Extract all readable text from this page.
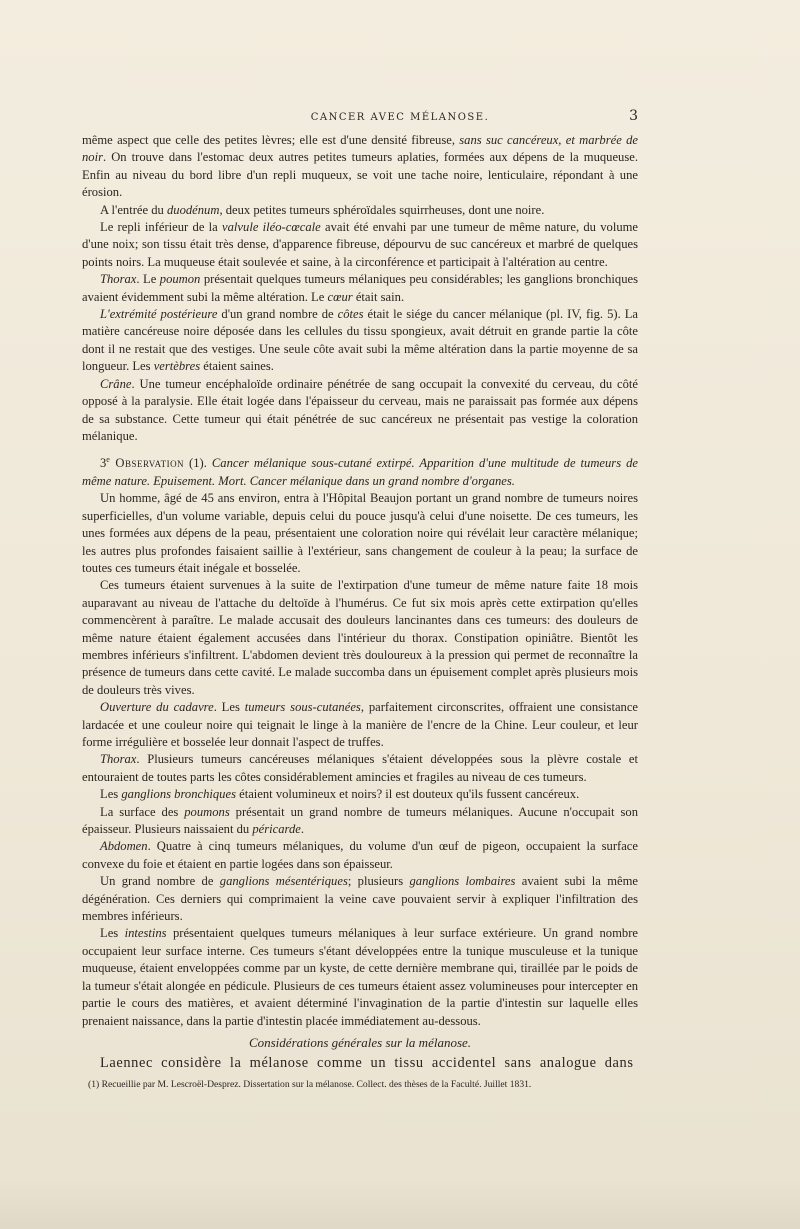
CANCER AVEC MÉLANOSE.	3

même aspect que celle des petites lèvres; elle est d'une densité fibreuse, sans suc cancéreux, et marbrée de noir. On trouve dans l'estomac deux autres petites tumeurs aplaties, formées aux dépens de la muqueuse. Enfin au niveau du bord libre d'un repli muqueux, se voit une tache noire, lenticulaire, répondant à une érosion.

A l'entrée du duodénum, deux petites tumeurs sphéroïdales squirrheuses, dont une noire.

Le repli inférieur de la valvule iléo-cœcale avait été envahi par une tumeur de même nature, du volume d'une noix; son tissu était très dense, d'apparence fibreuse, dépourvu de suc cancéreux et marbré de quelques points noirs. La muqueuse était soulevée et saine, à la circonférence et participait à l'altération au centre.

Thorax. Le poumon présentait quelques tumeurs mélaniques peu considérables; les ganglions bronchiques avaient évidemment subi la même altération. Le cœur était sain.

L'extrémité postérieure d'un grand nombre de côtes était le siége du cancer mélanique (pl. IV, fig. 5). La matière cancéreuse noire déposée dans les cellules du tissu spongieux, avait détruit en grande partie la côte dont il ne restait que des vestiges. Une seule côte avait subi la même altération dans la partie moyenne de sa longueur. Les vertèbres étaient saines.

Crâne. Une tumeur encéphaloïde ordinaire pénétrée de sang occupait la convexité du cerveau, du côté opposé à la paralysie. Elle était logée dans l'épaisseur du cerveau, mais ne paraissait pas formée aux dépens de sa substance. Cette tumeur qui était pénétrée de suc cancéreux ne présentait pas vestige la coloration mélanique.

3e Observation (1). Cancer mélanique sous-cutané extirpé. Apparition d'une multitude de tumeurs de même nature. Epuisement. Mort. Cancer mélanique dans un grand nombre d'organes.

Un homme, âgé de 45 ans environ, entra à l'Hôpital Beaujon portant un grand nombre de tumeurs noires superficielles, d'un volume variable, depuis celui du pouce jusqu'à celui d'une noisette. De ces tumeurs, les unes formées aux dépens de la peau, présentaient une coloration noire qui révélait leur caractère mélanique; les autres plus profondes faisaient saillie à l'extérieur, sans changement de couleur à la peau; la surface de toutes ces tumeurs était inégale et bosselée.

Ces tumeurs étaient survenues à la suite de l'extirpation d'une tumeur de même nature faite 18 mois auparavant au niveau de l'attache du deltoïde à l'humérus. Ce fut six mois après cette extirpation qu'elles commencèrent à paraître. Le malade accusait des douleurs lancinantes dans ces tumeurs: des douleurs de même nature étaient également accusées dans l'intérieur du thorax. Constipation opiniâtre. Bientôt les membres inférieurs s'infiltrent. L'abdomen devient très douloureux à la pression qui permet de reconnaître la présence de tumeurs dans cette cavité. Le malade succomba dans un épuisement complet après plusieurs mois de douleurs très vives.

Ouverture du cadavre. Les tumeurs sous-cutanées, parfaitement circonscrites, offraient une consistance lardacée et une couleur noire qui teignait le linge à la manière de l'encre de la Chine. Leur couleur, et leur forme irrégulière et bosselée leur donnait l'aspect de truffes.

Thorax. Plusieurs tumeurs cancéreuses mélaniques s'étaient développées sous la plèvre costale et entouraient de toutes parts les côtes considérablement amincies et fragiles au niveau de ces tumeurs.

Les ganglions bronchiques étaient volumineux et noirs? il est douteux qu'ils fussent cancéreux.

La surface des poumons présentait un grand nombre de tumeurs mélaniques. Aucune n'occupait son épaisseur. Plusieurs naissaient du péricarde.

Abdomen. Quatre à cinq tumeurs mélaniques, du volume d'un œuf de pigeon, occupaient la surface convexe du foie et étaient en partie logées dans son épaisseur.

Un grand nombre de ganglions mésentériques; plusieurs ganglions lombaires avaient subi la même dégénération. Ces derniers qui comprimaient la veine cave pouvaient servir à expliquer l'infiltration des membres inférieurs.

Les intestins présentaient quelques tumeurs mélaniques à leur surface extérieure. Un grand nombre occupaient leur surface interne. Ces tumeurs s'étant développées entre la tunique musculeuse et la tunique muqueuse, étaient enveloppées comme par un kyste, de cette dernière membrane qui, tiraillée par le poids de la tumeur s'était alongée en pédicule. Plusieurs de ces tumeurs étaient assez volumineuses pour intercepter en partie le cours des matières, et avaient déterminé l'invagination de la partie d'intestin sur laquelle elles prenaient naissance, dans la partie d'intestin placée immédiatement au-dessous.

Considérations générales sur la mélanose.

Laennec considère la mélanose comme un tissu accidentel sans analogue dans

(1) Recueillie par M. Lescroël-Desprez. Dissertation sur la mélanose. Collect. des thèses de la Faculté. Juillet 1831.
